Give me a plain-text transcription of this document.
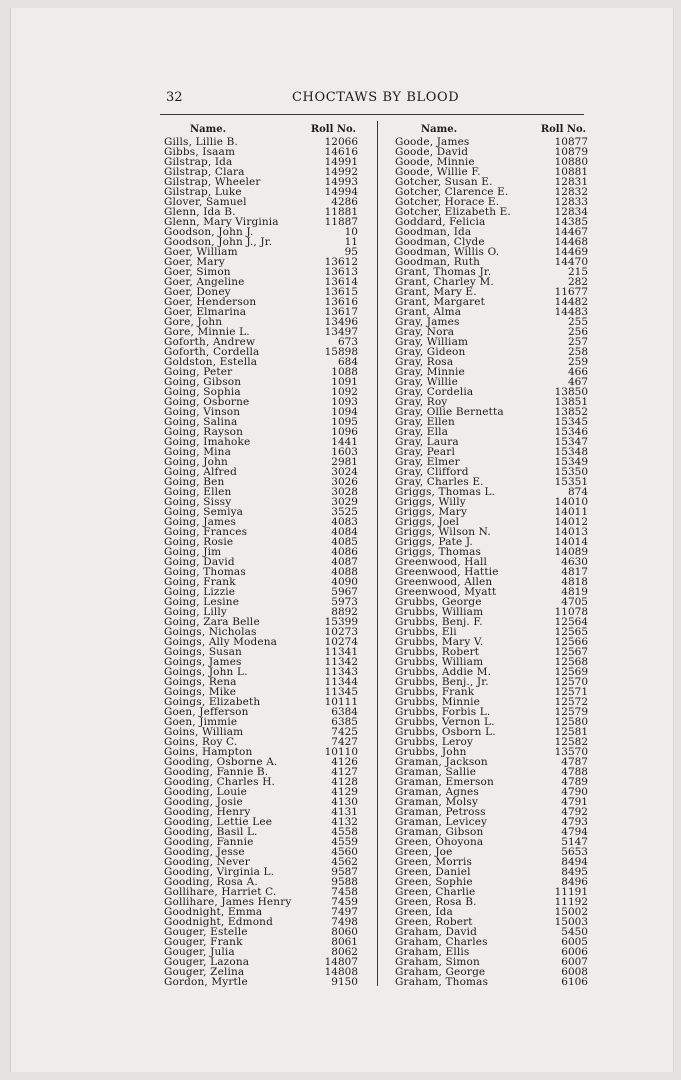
32	CHOCTAWS BY BLOOD
Name.	Roll No.
Gills, Lillie B.	12066
Gibbs, Isaam	14616
Gilstrap, Ida	14991
Gilstrap, Clara	14992
Gilstrap, Wheeler	14993
Gilstrap, Luke	14994
Glover, Samuel	4286
Glenn, Ida B.	11881
Glenn, Mary Virginia	11887
Goodson, John J.	10
Goodson, John J., Jr.	11
Goer, William	95
Goer, Mary	13612
Goer, Simon	13613
Goer, Angeline	13614
Goer, Doney	13615
Goer, Henderson	13616
Goer, Elmarina	13617
Gore, John	13496
Gore, Minnie L.	13497
Goforth, Andrew	673
Goforth, Cordella	15898
Goldston, Estella	684
Going, Peter	1088
Going, Gibson	1091
Going, Sophia	1092
Going, Osborne	1093
Going, Vinson	1094
Going, Salina	1095
Going, Rayson	1096
Going, Imahoke	1441
Going, Mina	1603
Going, John	2981
Going, Alfred	3024
Going, Ben	3026
Going, Ellen	3028
Going, Sissy	3029
Going, Semiya	3525
Going, James	4083
Going, Frances	4084
Going, Rosie	4085
Going, Jim	4086
Going, David	4087
Going, Thomas	4088
Going, Frank	4090
Going, Lizzie	5967
Going, Lesine	5973
Going, Lilly	8892
Going, Zara Belle	15399
Goings, Nicholas	10273
Goings, Ally Modena	10274
Goings, Susan	11341
Goings, James	11342
Goings, John L.	11343
Goings, Rena	11344
Goings, Mike	11345
Goings, Elizabeth	10111
Goen, Jefferson	6384
Goen, Jimmie	6385
Goins, William	7425
Goins, Roy C.	7427
Goins, Hampton	10110
Gooding, Osborne A.	4126
Gooding, Fannie B.	4127
Gooding, Charles H.	4128
Gooding, Louie	4129
Gooding, Josie	4130
Gooding, Henry	4131
Gooding, Lettie Lee	4132
Gooding, Basil L.	4558
Gooding, Fannie	4559
Gooding, Jesse	4560
Gooding, Never	4562
Gooding, Virginia L.	9587
Gooding, Rosa A.	9588
Gollihare, Harriet C.	7458
Gollihare, James Henry	7459
Goodnight, Emma	7497
Goodnight, Edmond	7498
Gouger, Estelle	8060
Gouger, Frank	8061
Gouger, Julia	8062
Gouger, Lazona	14807
Gouger, Zelina	14808
Gordon, Myrtle	9150
Name.	Roll No.
Goode, James	10877
Goode, David	10879
Goode, Minnie	10880
Goode, Willie F.	10881
Gotcher, Susan E.	12831
Gotcher, Clarence E.	12832
Gotcher, Horace E.	12833
Gotcher, Elizabeth E.	12834
Goddard, Felicia	14385
Goodman, Ida	14467
Goodman, Clyde	14468
Goodman, Willis O.	14469
Goodman, Ruth	14470
Grant, Thomas Jr.	215
Grant, Charley M.	282
Grant, Mary E.	11677
Grant, Margaret	14482
Grant, Alma	14483
Gray, James	255
Gray, Nora	256
Gray, William	257
Gray, Gideon	258
Gray, Rosa	259
Gray, Minnie	466
Gray, Willie	467
Gray, Cordelia	13850
Gray, Roy	13851
Gray, Ollie Bernetta	13852
Gray, Ellen	15345
Gray, Ella	15346
Gray, Laura	15347
Gray, Pearl	15348
Gray, Elmer	15349
Gray, Clifford	15350
Gray, Charles E.	15351
Griggs, Thomas L.	874
Griggs, Willy	14010
Griggs, Mary	14011
Griggs, Joel	14012
Griggs, Wilson N.	14013
Griggs, Pate J.	14014
Griggs, Thomas	14089
Greenwood, Hall	4630
Greenwood, Hattie	4817
Greenwood, Allen	4818
Greenwood, Myatt	4819
Grubbs, George	4705
Grubbs, William	11078
Grubbs, Benj. F.	12564
Grubbs, Eli	12565
Grubbs, Mary V.	12566
Grubbs, Robert	12567
Grubbs, William	12568
Grubbs, Addie M.	12569
Grubbs, Benj., Jr.	12570
Grubbs, Frank	12571
Grubbs, Minnie	12572
Grubbs, Forbis L.	12579
Grubbs, Vernon L.	12580
Grubbs, Osborn L.	12581
Grubbs, Leroy	12582
Grubbs, John	13570
Graman, Jackson	4787
Graman, Sallie	4788
Graman, Emerson	4789
Graman, Agnes	4790
Graman, Molsy	4791
Graman, Petross	4792
Graman, Levicey	4793
Graman, Gibson	4794
Green, Ohoyona	5147
Green, Joe	5653
Green, Morris	8494
Green, Daniel	8495
Green, Sophie	8496
Green, Charlie	11191
Green, Rosa B.	11192
Green, Ida	15002
Green, Robert	15003
Graham, David	5450
Graham, Charles	6005
Graham, Ellis	6006
Graham, Simon	6007
Graham, George	6008
Graham, Thomas	6106
